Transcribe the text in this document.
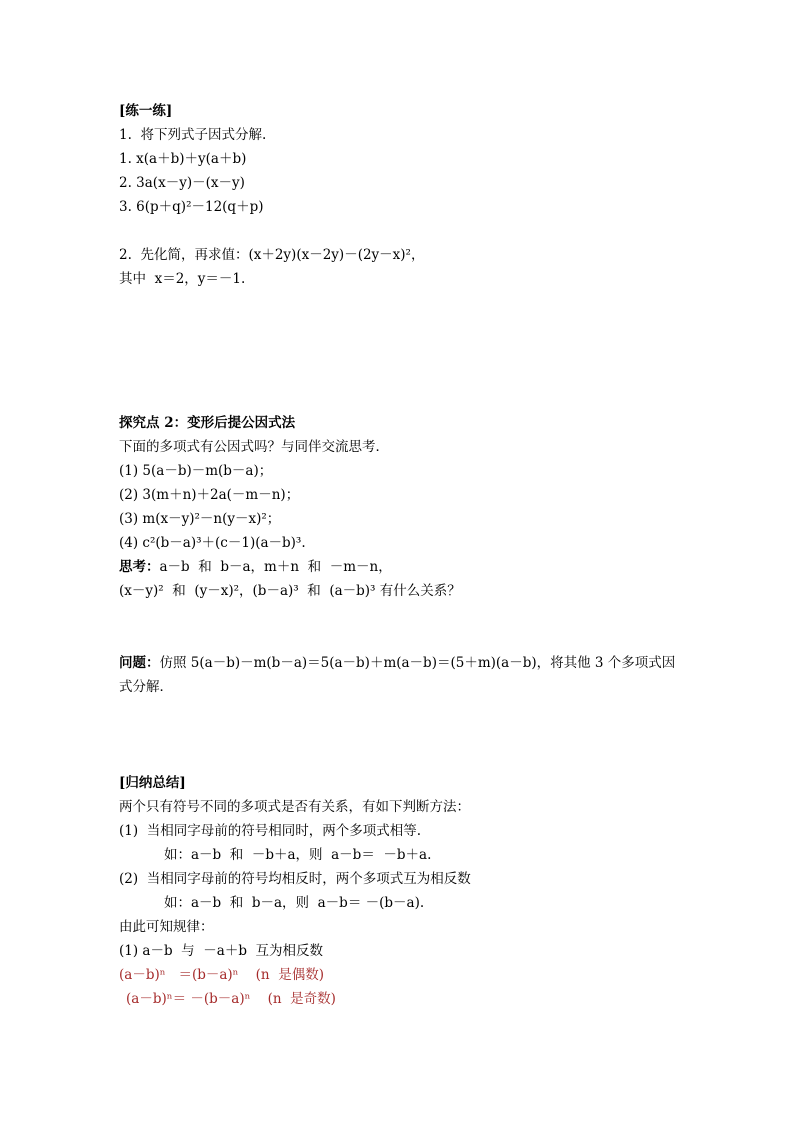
[练一练]
1.  将下列式子因式分解.
1. x(a＋b)＋y(a＋b)
2. 3a(x－y)－(x－y)
3. 6(p＋q)²－12(q＋p)
2.  先化简，再求值：(x＋2y)(x－2y)－(2y－x)²，
其中  x＝2，y＝－1.
探究点 2：变形后提公因式法
下面的多项式有公因式吗？与同伴交流思考．
(1) 5(a－b)－m(b－a)；
(2) 3(m＋n)＋2a(－m－n)；
(3) m(x－y)²－n(y－x)²；
(4) c²(b－a)³＋(c－1)(a－b)³.
思考：a－b  和  b－a，m＋n  和  －m－n，
(x－y)²  和  (y－x)²，(b－a)³  和  (a－b)³ 有什么关系？
问题：仿照 5(a－b)－m(b－a)＝5(a－b)＋m(a－b)＝(5＋m)(a－b)，将其他 3 个多项式因
式分解．
[归纳总结]
两个只有符号不同的多项式是否有关系，有如下判断方法：
(1)  当相同字母前的符号相同时，两个多项式相等.
如：a－b  和  －b＋a，则  a－b＝  －b＋a.
(2)  当相同字母前的符号均相反时，两个多项式互为相反数
如：a－b  和  b－a，则  a－b＝ －(b－a).
由此可知规律：
(1) a－b  与  －a＋b  互为相反数
(a－b)ⁿ   ＝(b－a)ⁿ    (n  是偶数)
(a－b)ⁿ＝ －(b－a)ⁿ    (n  是奇数)
